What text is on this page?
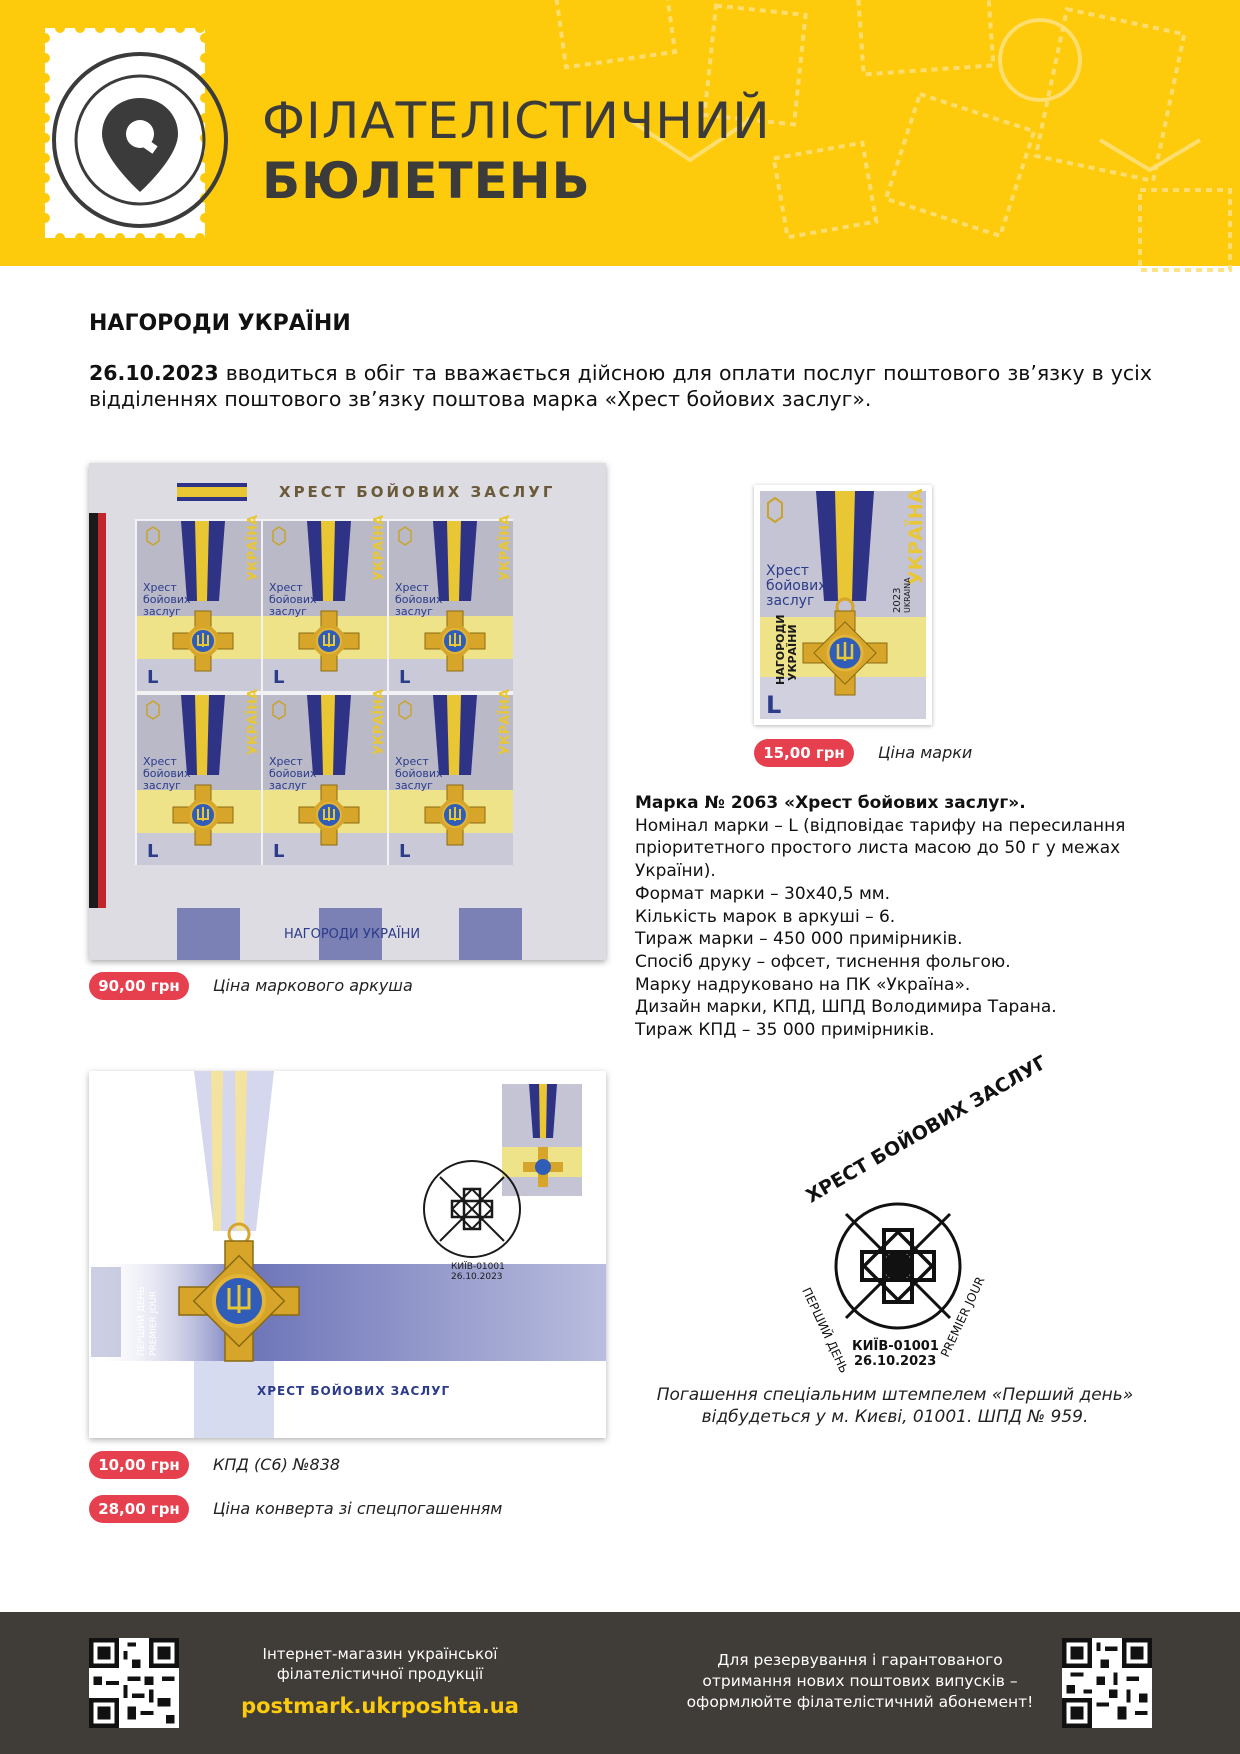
ФІЛАТЕЛІСТИЧНИЙ
БЮЛЕТЕНЬ
НАГОРОДИ УКРАЇНИ
26.10.2023 вводиться в обіг та вважається дійсною для оплати послуг поштового зв’язку в усіх відділеннях поштового зв’язку поштова марка «Хрест бойових заслуг».
ХРЕСТ БОЙОВИХ ЗАСЛУГ
НАГОРОДИ УКРАЇНИ
90,00 грн	Ціна маркового аркуша
Хрест
бойових
заслуг
НАГОРОДИ УКРАЇНИ
L
УКРАЇНА
2023 UKRAINA
15,00 грн	Ціна марки
Марка № 2063 «Хрест бойових заслуг».
Номінал марки – L (відповідає тарифу на пересилання пріоритетного простого листа масою до 50 г у межах України).
Формат марки – 30х40,5 мм.
Кількість марок в аркуші – 6.
Тираж марки – 450 000 примірників.
Спосіб друку – офсет, тиснення фольгою.
Марку надруковано на ПК «Україна».
Дизайн марки, КПД, ШПД Володимира Тарана.
Тираж КПД – 35 000 примірників.
КИЇВ-01001
26.10.2023
ПЕРШИЙ ДЕНЬ PREMIER JOUR
ХРЕСТ БОЙОВИХ ЗАСЛУГ
10,00 грн	КПД (С6) №838
28,00 грн	Ціна конверта зі спецпогашенням
ХРЕСТ БОЙОВИХ ЗАСЛУГ
ПЕРШИЙ ДЕНЬ	PREMIER JOUR
КИЇВ-01001
26.10.2023
Погашення спеціальним штемпелем «Перший день»
відбудеться у м. Києві, 01001. ШПД № 959.
Інтернет-магазин української
філателістичної продукції
postmark.ukrposhta.ua
Для резервування і гарантованого
отримання нових поштових випусків –
оформлюйте філателістичний абонемент!
